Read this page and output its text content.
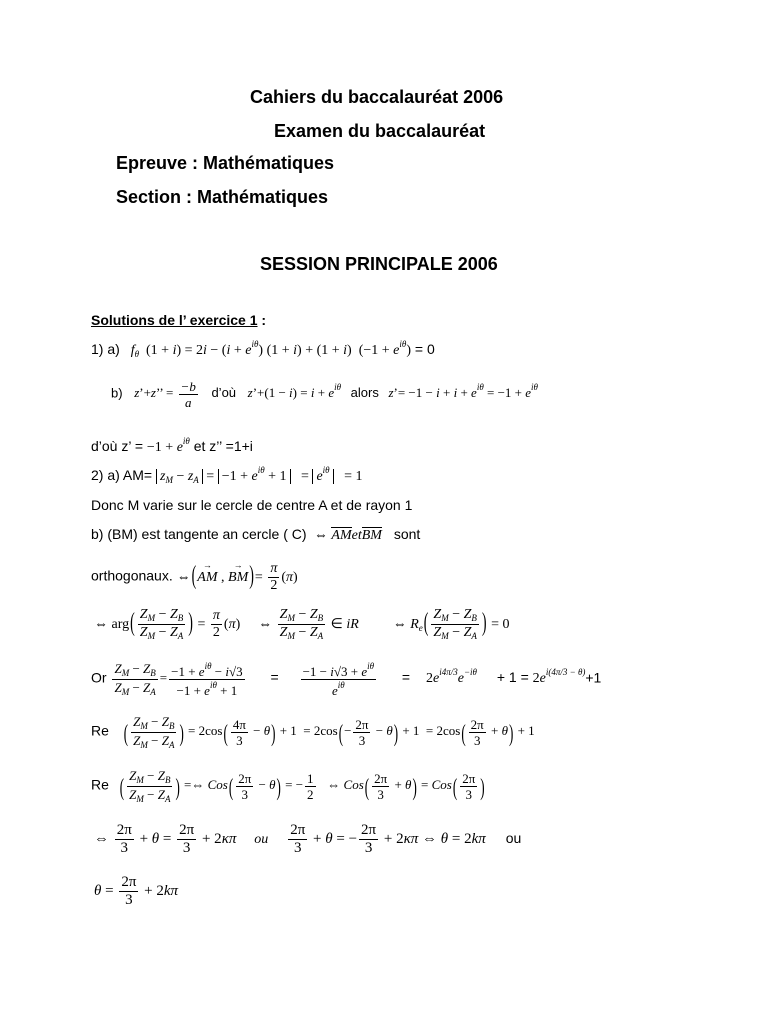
Cahiers du baccalauréat 2006
Examen du baccalauréat
Epreuve : Mathématiques
Section : Mathématiques
SESSION PRINCIPALE 2006
Solutions de l’ exercice 1 :
1) a)   $f_\theta$ $(1 + i) = 2i - (i + e^{i\theta})$ (1 + i) + (1 + i)  $(-1 + e^{i\theta}) = 0$
b) z’+z’’ = $\frac{-b}{a}$ d’où z’+(1 − $i) = i + e^{i\theta}$ alors z’= $-1 - i + i + e^{i\theta} = -1 + e^{i\theta}$
d’où z’ = $-1 + e^{i\theta}$ et z’’ =1+i
2) a) $AM= z_M - z_A = -1 + e^{i\theta} + 1 = e^{i\theta} = 1$
Donc M varie sur le cercle de centre A et de rayon 1
b) (BM) est tangente an cercle ( C)  ⇔ AMetBM sont
orthogonaux. ⇔(→ AM , → $BM)= \frac{\pi}{2} (\pi)$
⇔ $arg( \frac{Z_M - Z_B}{Z_M - Z_A}$ ) = $\frac{\pi}{2} (\pi)$ ⇔ $\frac{Z_M - Z_B}{Z_M - Z_A}$ ∈ iR ⇔ $R_e( \frac{Z_M - Z_B}{Z_M - Z_A}$ ) = 0
Or $\frac{Z_M - Z_B}{Z_M - Z_A} = \frac{-1 + e^{i\theta} - i√3}{-1 + e^{i\theta} + 1} = \frac{-1 - i√3 + e^{i\theta}}{e^{i\theta}} = 2e^{i4\pi/3}e^{-i\theta} + 1 = 2e^{i(4\pi/3 - \theta)}+1$
Re ( $\frac{Z_M - Z_B}{Z_M - Z_A}$ ) = $2\cos( \frac{4\pi}{3} - \theta) + 1 = 2\cos(- \frac{2\pi}{3} - \theta) + 1 = 2\cos( \frac{2\pi}{3} + \theta) + 1$
Re ( $\frac{Z_M - Z_B}{Z_M - Z_A}$ ) =⇔ $Cos( \frac{2\pi}{3} - \theta)$ = − $\frac{1}{2}$ ⇔ $Cos( \frac{2\pi}{3} + \theta) = Cos( \frac{2\pi}{3}$ )
⇔ $\frac{2\pi}{3} + \theta = \frac{2\pi}{3} + 2\kappa\pi$ ou $\frac{2\pi}{3} + \theta$ = − $\frac{2\pi}{3} + 2\kappa\pi$ ⇔ θ = 2kπ ou
$\theta = \frac{2\pi}{3} + 2k\pi$
